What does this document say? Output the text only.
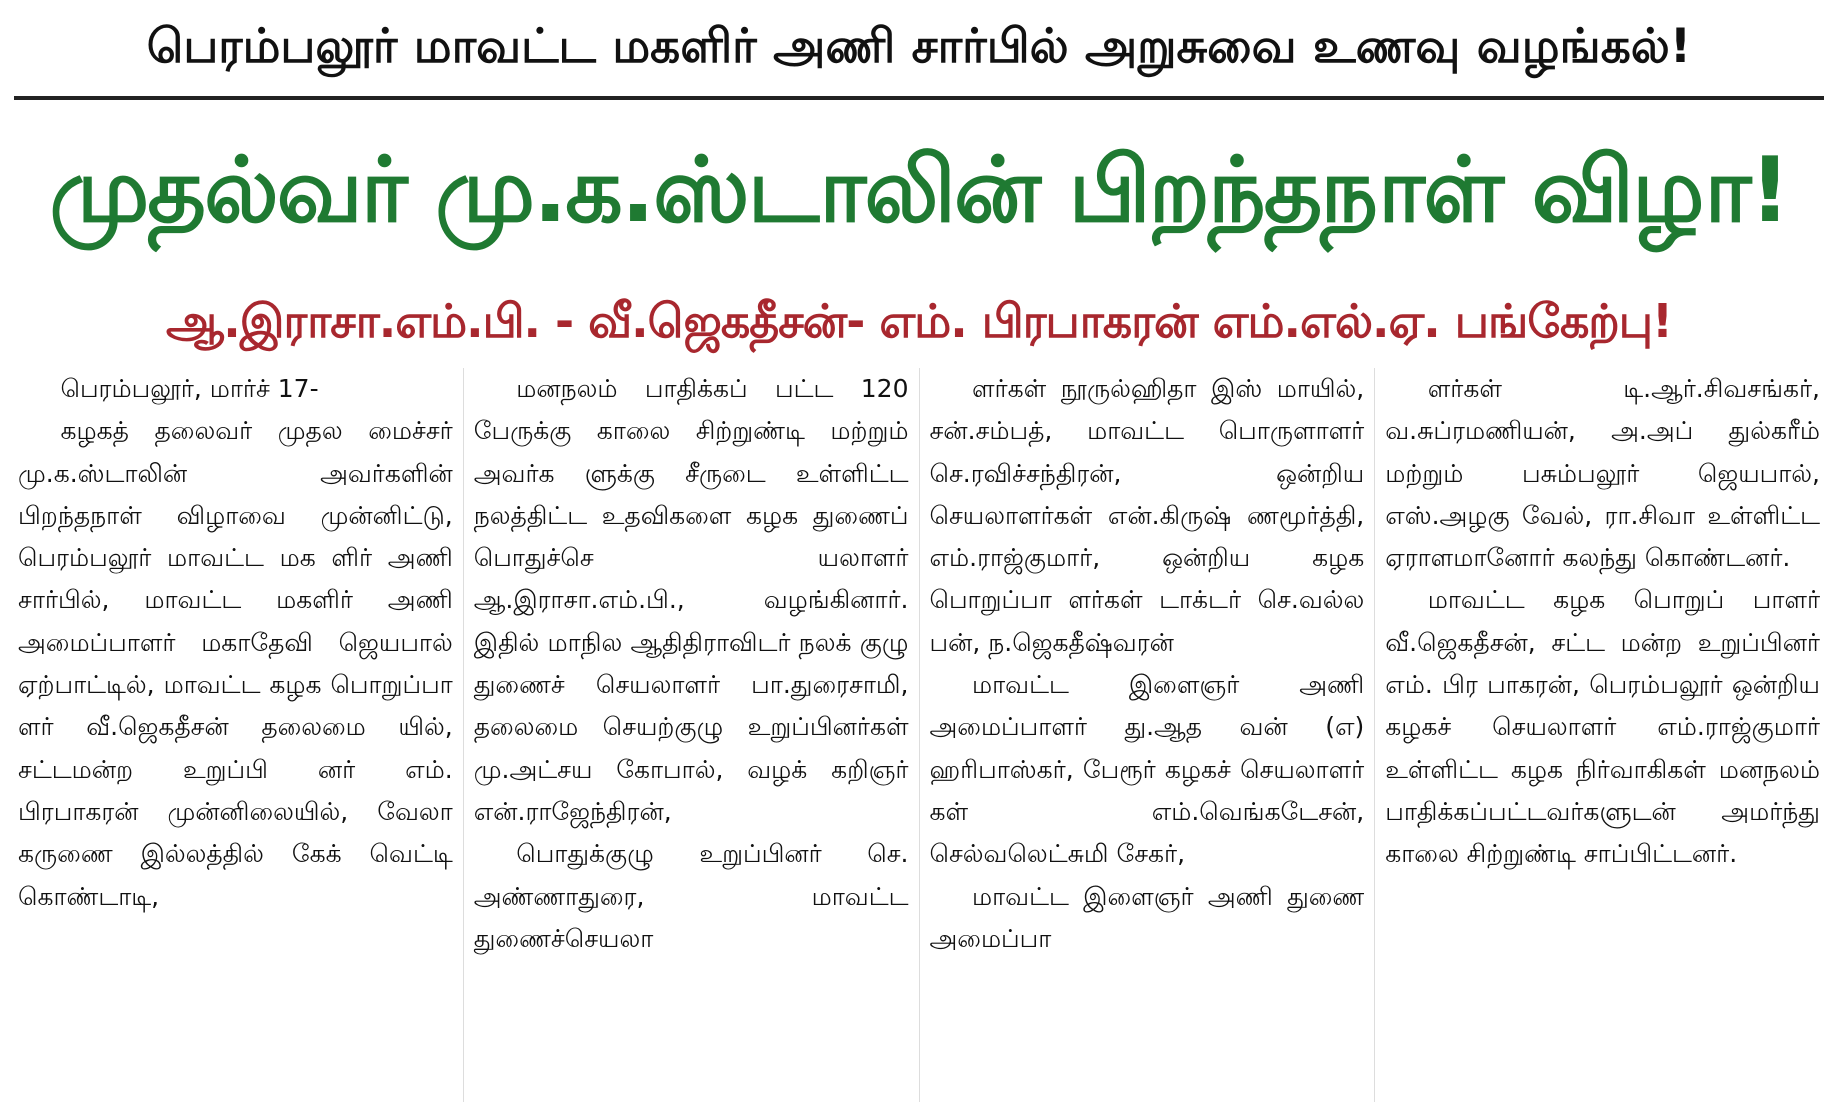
பெரம்பலூர் மாவட்ட மகளிர் அணி சார்பில் அறுசுவை உணவு வழங்கல்!
முதல்வர் மு.க.ஸ்டாலின் பிறந்தநாள் விழா!
ஆ.இராசா.எம்.பி. - வீ.ஜெகதீசன்- எம். பிரபாகரன் எம்.எல்.ஏ. பங்கேற்பு!

பெரம்பலூர், மார்ச் 17-

கழகத் தலைவர் முதல மைச்சர் மு.க.ஸ்டாலின் அவர்களின் பிறந்தநாள் விழாவை முன்னிட்டு, பெரம்பலூர் மாவட்ட மக ளிர் அணி சார்பில், மாவட்ட மகளிர் அணி அமைப்பாளர் மகாதேவி ஜெயபால் ஏற்பாட்டில், மாவட்ட கழக பொறுப்பா ளர் வீ.ஜெகதீசன் தலைமை யில், சட்டமன்ற உறுப்பி னர் எம். பிரபாகரன் முன்னிலையில், வேலா கருணை இல்லத்தில் கேக் வெட்டி கொண்டாடி,

மனநலம் பாதிக்கப் பட்ட 120 பேருக்கு காலை சிற்றுண்டி மற்றும் அவர்க ளுக்கு சீருடை உள்ளிட்ட நலத்திட்ட உதவிகளை கழக துணைப் பொதுச்செ யலாளர் ஆ.இராசா.எம்.பி., வழங்கினார். இதில் மாநில ஆதிதிராவிடர் நலக் குழு துணைச் செயலாளர் பா.துரைசாமி, தலைமை செயற்குழு உறுப்பினர்கள் மு.அட்சய கோபால், வழக் கறிஞர் என்.ராஜேந்திரன்,

பொதுக்குழு உறுப்பினர் செ. அண்ணாதுரை, மாவட்ட துணைச்செயலா

ளர்கள் நூருல்ஹிதா இஸ் மாயில், சன்.சம்பத், மாவட்ட பொருளாளர் செ.ரவிச்சந்திரன், ஒன்றிய செயலாளர்கள் என்.கிருஷ் ணமூர்த்தி, எம்.ராஜ்குமார், ஒன்றிய கழக பொறுப்பா ளர்கள் டாக்டர் செ.வல்ல பன், ந.ஜெகதீஷ்வரன்

மாவட்ட இளைஞர் அணி அமைப்பாளர் து.ஆத வன் (எ) ஹரிபாஸ்கர், பேரூர் கழகச் செயலாளர் கள் எம்.வெங்கடேசன், செல்வலெட்சுமி சேகர்,

மாவட்ட இளைஞர் அணி துணை அமைப்பா

ளர்கள் டி.ஆர்.சிவசங்கர், வ.சுப்ரமணியன், அ.அப் துல்கரீம் மற்றும் பசும்பலூர் ஜெயபால், எஸ்.அழகு வேல், ரா.சிவா உள்ளிட்ட ஏராளமானோர் கலந்து கொண்டனர்.

மாவட்ட கழக பொறுப் பாளர் வீ.ஜெகதீசன், சட்ட மன்ற உறுப்பினர் எம். பிர பாகரன், பெரம்பலூர் ஒன்றிய கழகச் செயலாளர் எம்.ராஜ்குமார் உள்ளிட்ட கழக நிர்வாகிகள் மனநலம் பாதிக்கப்பட்டவர்களுடன் அமர்ந்து காலை சிற்றுண்டி சாப்பிட்டனர்.
